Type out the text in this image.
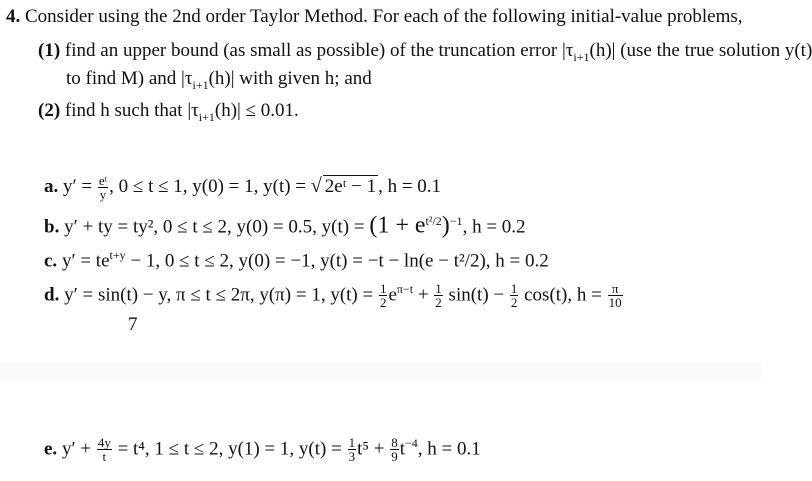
4. Consider using the 2nd order Taylor Method. For each of the following initial-value problems,
(1) find an upper bound (as small as possible) of the truncation error $|\tau_{i+1}(h)|$ (use the true solution y(t)
to find M) and $|\tau_{i+1}(h)|$ with given h; and
(2) find h such that $|\tau_{i+1}(h)| \le 0.01$.
a. $y' = \frac{\text{eᵗ}}{y}$ , 0 ≤ t ≤ 1, y(0) = 1, y(t) = √ 2eᵗ − 1 , h = 0.1
b. y′ + ty = ty², 0 ≤ t ≤ 2, y(0) = 0.5, $y(t) = (1 + e^{t^2/2})^{-1}$, h = 0.2
c. $y' = te^{t+y} - 1$, 0 ≤ t ≤ 2, y(0) = −1, y(t) = −t − ln(e − t²/2), h = 0.2
d. y′ = sin(t) − y, π ≤ t ≤ 2π, y(π) = 1, $y(t) = \frac{1}{2} e^{\pi-t} + \frac{1}{2} \sin(t) - \frac{1}{2} \cos(t)$, $h = \frac{\pi}{10}$
7
e. $y' + \frac{4y}{t} = t^4$, 1 ≤ t ≤ 2, y(1) = 1, $y(t) = \frac{1}{3} t^5 + \frac{8}{9} t^{-4}$, h = 0.1
